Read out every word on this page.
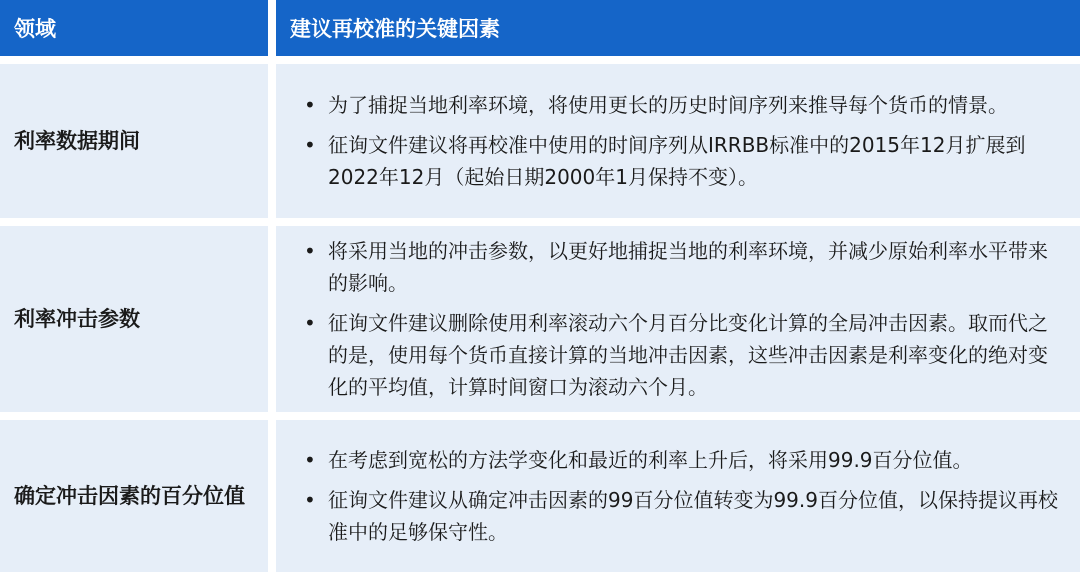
领域	建议再校准的关键因素
利率数据期间
• 为了捕捉当地利率环境，将使用更长的历史时间序列来推导每个货币的情景。
• 征询文件建议将再校准中使用的时间序列从IRRBB标准中的2015年12月扩展到2022年12月（起始日期2000年1月保持不变）。
利率冲击参数
• 将采用当地的冲击参数，以更好地捕捉当地的利率环境，并减少原始利率水平带来的影响。
• 征询文件建议删除使用利率滚动六个月百分比变化计算的全局冲击因素。取而代之的是，使用每个货币直接计算的当地冲击因素，这些冲击因素是利率变化的绝对变化的平均值，计算时间窗口为滚动六个月。
确定冲击因素的百分位值
• 在考虑到宽松的方法学变化和最近的利率上升后，将采用99.9百分位值。
• 征询文件建议从确定冲击因素的99百分位值转变为99.9百分位值，以保持提议再校准中的足够保守性。
